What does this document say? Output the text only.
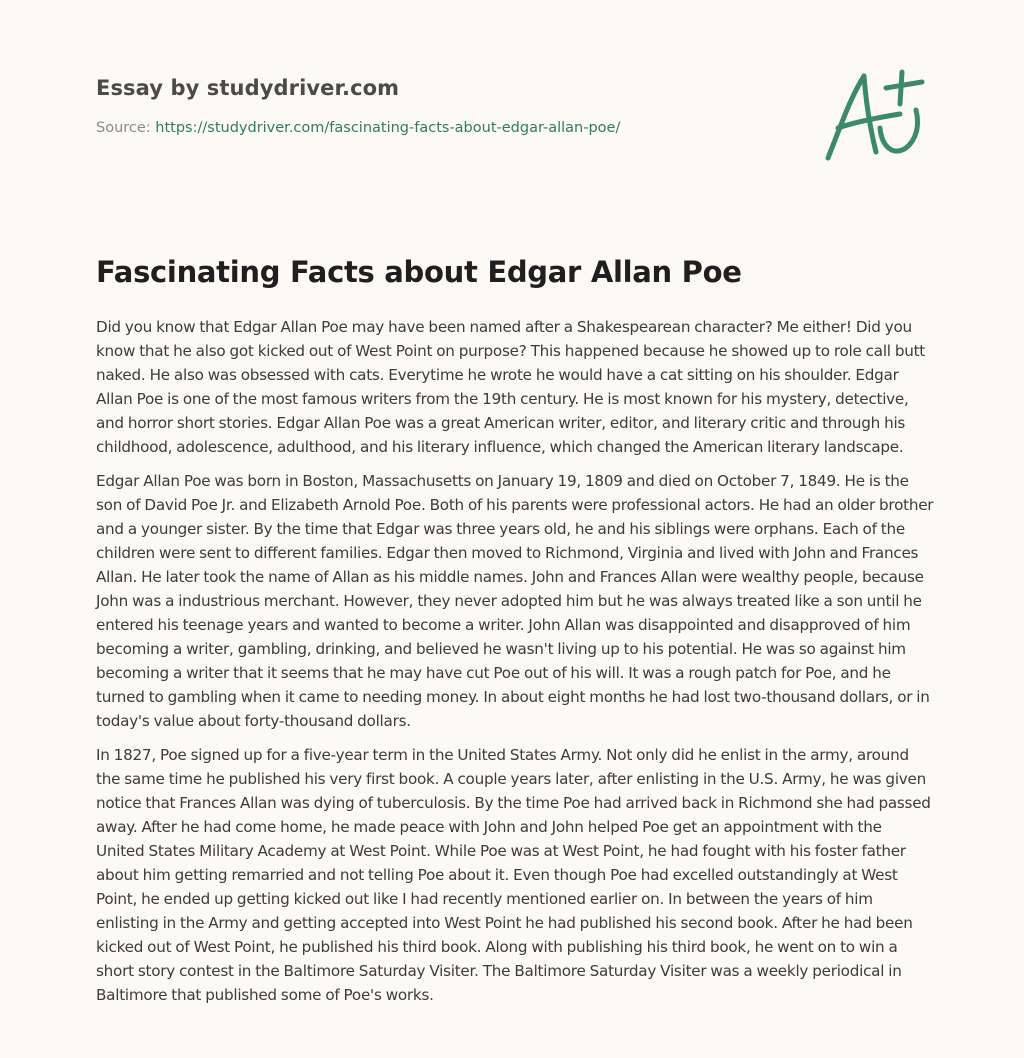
Essay by studydriver.com
Source: https://studydriver.com/fascinating-facts-about-edgar-allan-poe/
Fascinating Facts about Edgar Allan Poe

Did you know that Edgar Allan Poe may have been named after a Shakespearean character? Me either! Did you know that he also got kicked out of West Point on purpose? This happened because he showed up to role call butt naked. He also was obsessed with cats. Everytime he wrote he would have a cat sitting on his shoulder. Edgar Allan Poe is one of the most famous writers from the 19th century. He is most known for his mystery, detective, and horror short stories. Edgar Allan Poe was a great American writer, editor, and literary critic and through his childhood, adolescence, adulthood, and his literary influence, which changed the American literary landscape.

Edgar Allan Poe was born in Boston, Massachusetts on January 19, 1809 and died on October 7, 1849. He is the son of David Poe Jr. and Elizabeth Arnold Poe. Both of his parents were professional actors. He had an older brother and a younger sister. By the time that Edgar was three years old, he and his siblings were orphans. Each of the children were sent to different families. Edgar then moved to Richmond, Virginia and lived with John and Frances Allan. He later took the name of Allan as his middle names. John and Frances Allan were wealthy people, because John was a industrious merchant. However, they never adopted him but he was always treated like a son until he entered his teenage years and wanted to become a writer. John Allan was disappointed and disapproved of him becoming a writer, gambling, drinking, and believed he wasn't living up to his potential. He was so against him becoming a writer that it seems that he may have cut Poe out of his will. It was a rough patch for Poe, and he turned to gambling when it came to needing money. In about eight months he had lost two-thousand dollars, or in today's value about forty-thousand dollars.

In 1827, Poe signed up for a five-year term in the United States Army. Not only did he enlist in the army, around the same time he published his very first book. A couple years later, after enlisting in the U.S. Army, he was given notice that Frances Allan was dying of tuberculosis. By the time Poe had arrived back in Richmond she had passed away. After he had come home, he made peace with John and John helped Poe get an appointment with the United States Military Academy at West Point. While Poe was at West Point, he had fought with his foster father about him getting remarried and not telling Poe about it. Even though Poe had excelled outstandingly at West Point, he ended up getting kicked out like I had recently mentioned earlier on. In between the years of him enlisting in the Army and getting accepted into West Point he had published his second book. After he had been kicked out of West Point, he published his third book. Along with publishing his third book, he went on to win a short story contest in the Baltimore Saturday Visiter. The Baltimore Saturday Visiter was a weekly periodical in Baltimore that published some of Poe's works.
